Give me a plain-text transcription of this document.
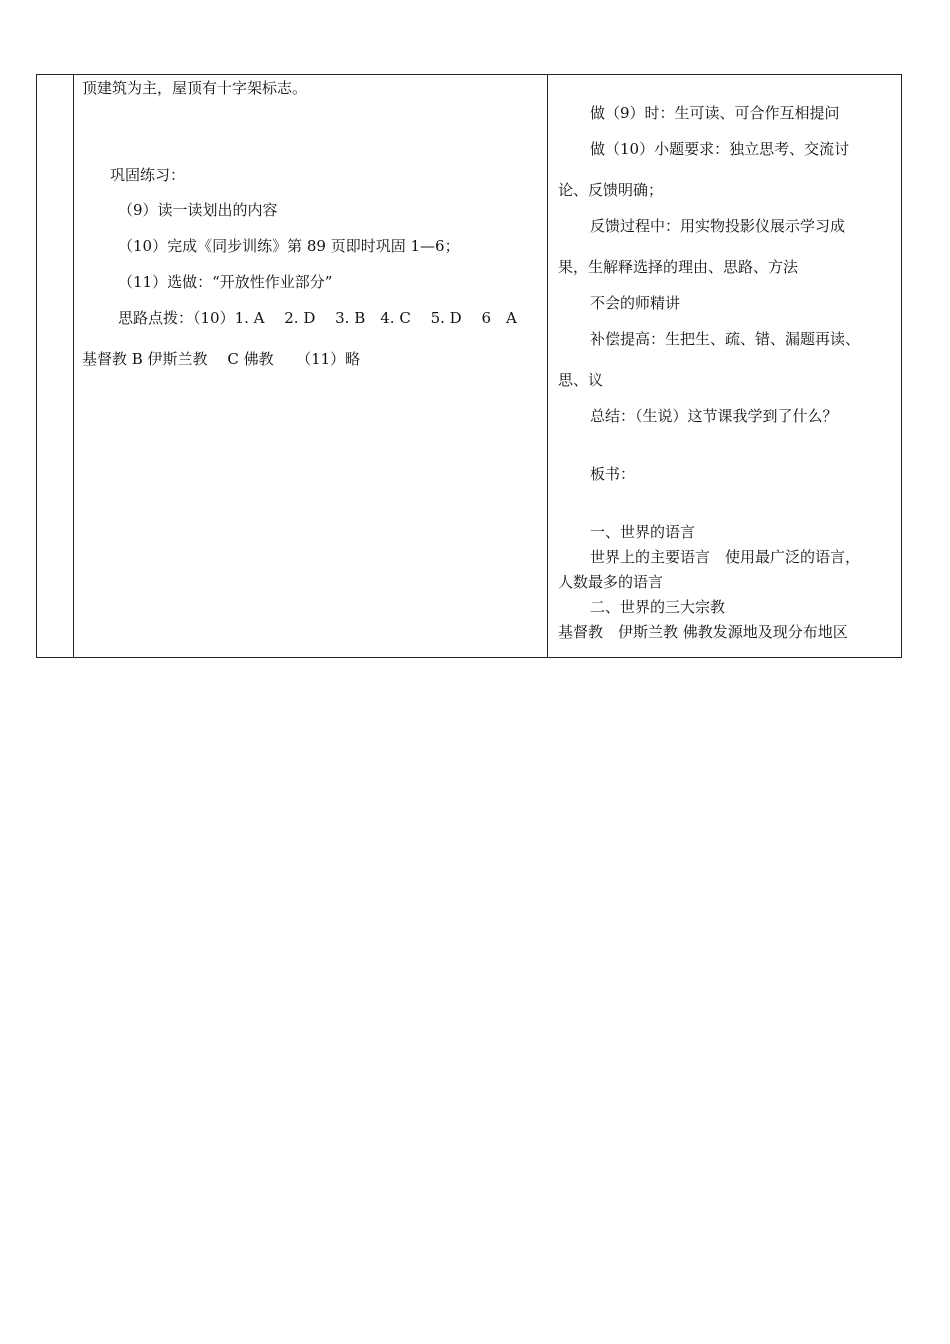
顶建筑为主，屋顶有十字架标志。
巩固练习：
（9）读一读划出的内容
（10）完成《同步训练》第 89 页即时巩固 1—6；
（11）选做：“开放性作业部分”
思路点拨：（10）1. A　 2. D　 3. B　4. C　 5. D　 6　A
基督教 B 伊斯兰教　 C 佛教　　（11）略
做（9）时：生可读、可合作互相提问
做（10）小题要求：独立思考、交流讨
论、反馈明确；
反馈过程中：用实物投影仪展示学习成
果，生解释选择的理由、思路、方法
不会的师精讲
补偿提高：生把生、疏、错、漏题再读、
思、议
总结：（生说）这节课我学到了什么？
板书：
一、世界的语言
世界上的主要语言　使用最广泛的语言，
人数最多的语言
二、世界的三大宗教
基督教　伊斯兰教 佛教发源地及现分布地区
